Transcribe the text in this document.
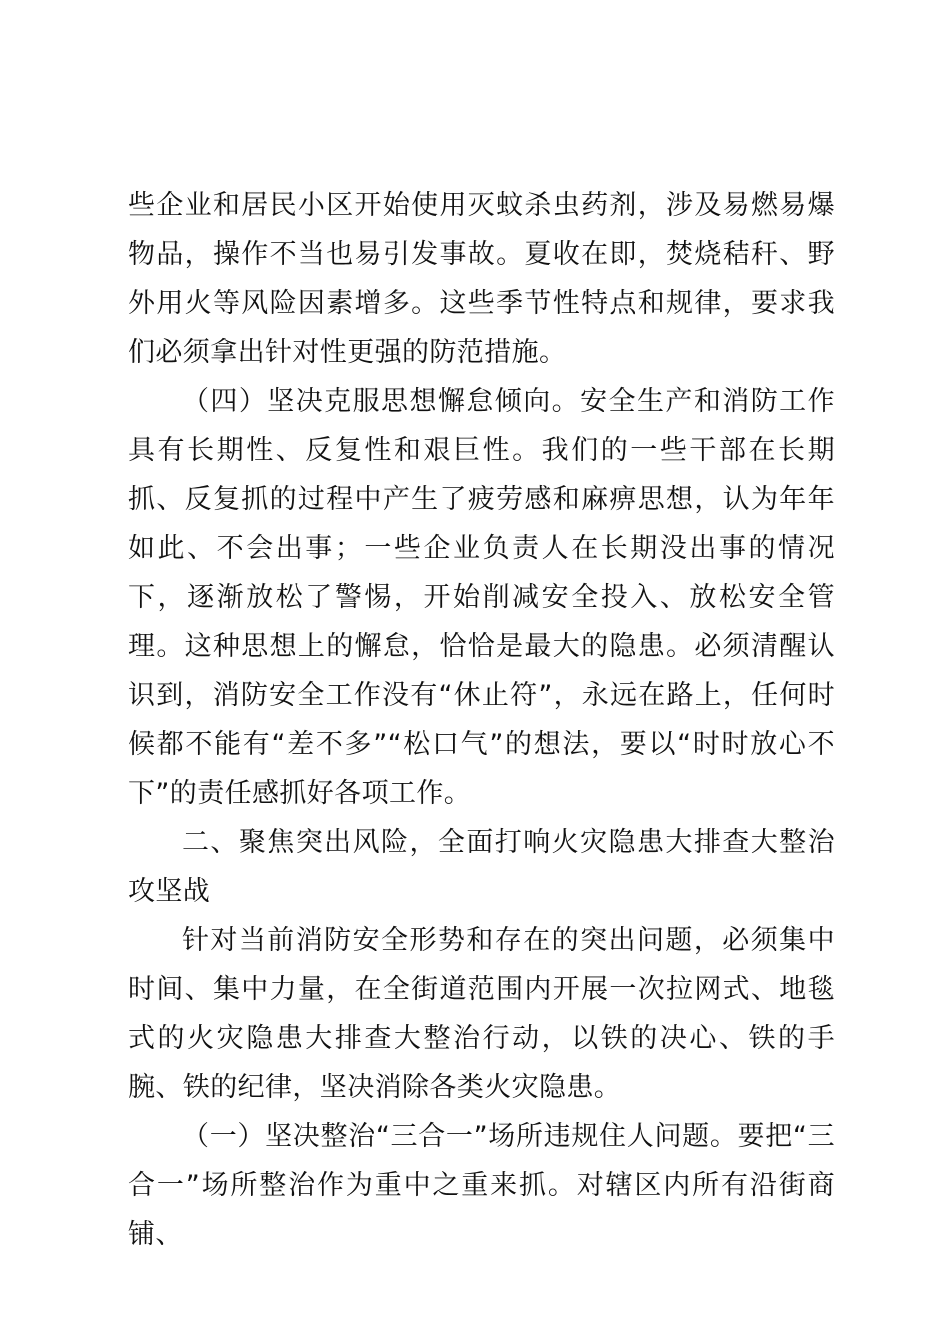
些企业和居民小区开始使用灭蚊杀虫药剂，涉及易燃易爆物品，操作不当也易引发事故。夏收在即，焚烧秸秆、野外用火等风险因素增多。这些季节性特点和规律，要求我们必须拿出针对性更强的防范措施。

（四）坚决克服思想懈怠倾向。安全生产和消防工作具有长期性、反复性和艰巨性。我们的一些干部在长期抓、反复抓的过程中产生了疲劳感和麻痹思想，认为年年如此、不会出事；一些企业负责人在长期没出事的情况下，逐渐放松了警惕，开始削减安全投入、放松安全管理。这种思想上的懈怠，恰恰是最大的隐患。必须清醒认识到，消防安全工作没有“休止符”，永远在路上，任何时候都不能有“差不多”“松口气”的想法，要以“时时放心不下”的责任感抓好各项工作。

二、聚焦突出风险，全面打响火灾隐患大排查大整治攻坚战

针对当前消防安全形势和存在的突出问题，必须集中时间、集中力量，在全街道范围内开展一次拉网式、地毯式的火灾隐患大排查大整治行动，以铁的决心、铁的手腕、铁的纪律，坚决消除各类火灾隐患。

（一）坚决整治“三合一”场所违规住人问题。要把“三合一”场所整治作为重中之重来抓。对辖区内所有沿街商铺、
